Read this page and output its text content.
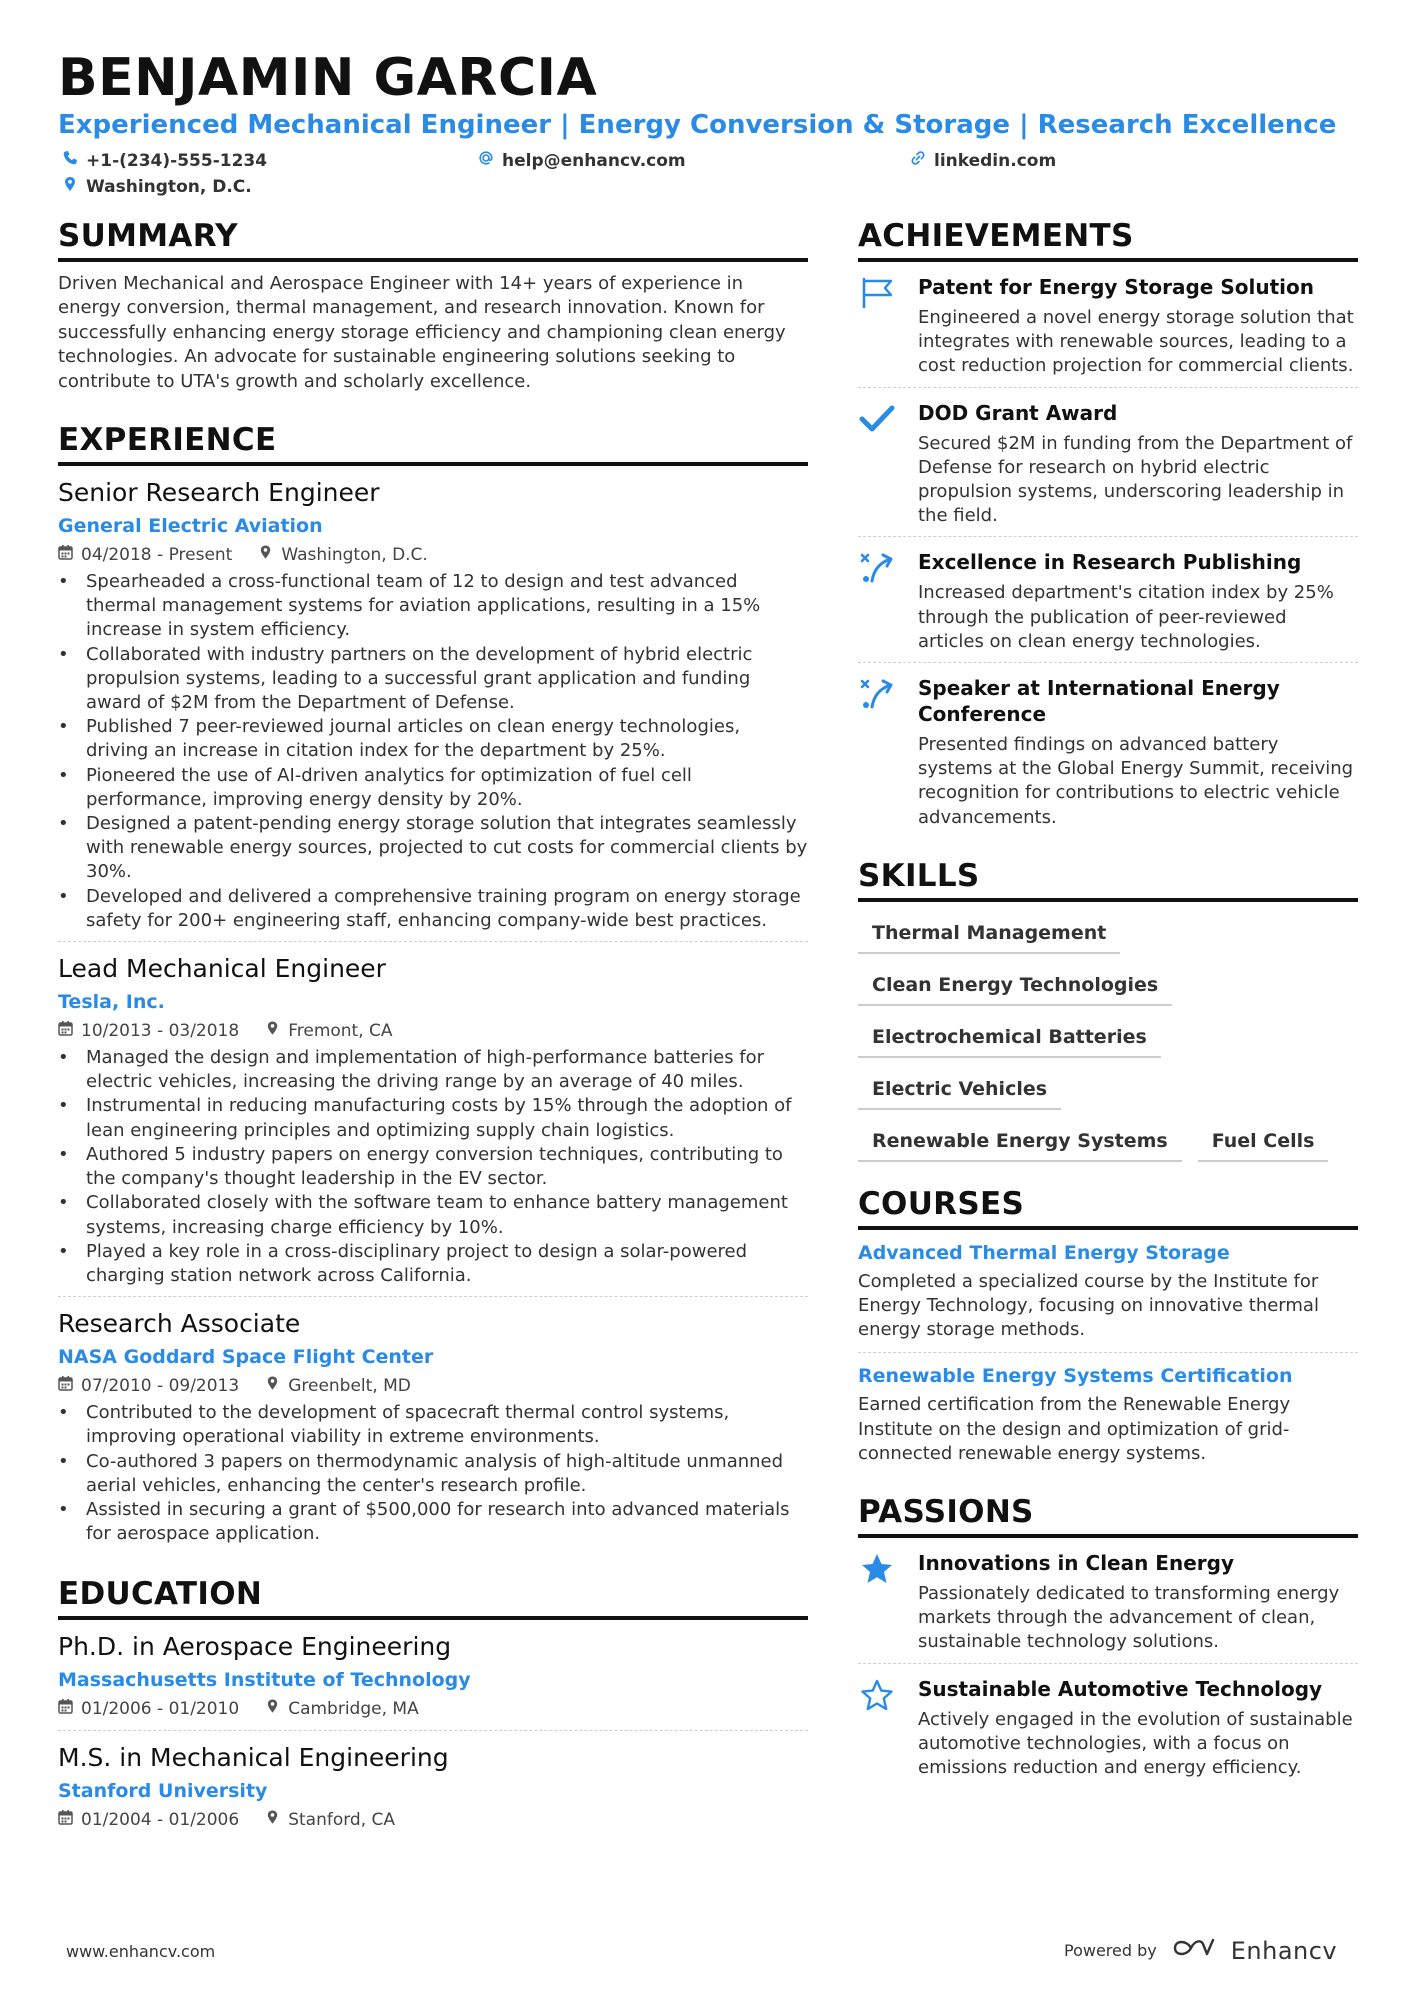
BENJAMIN GARCIA
Experienced Mechanical Engineer | Energy Conversion & Storage | Research Excellence
+1-(234)-555-1234	help@enhancv.com	linkedin.com
Washington, D.C.
SUMMARY
Driven Mechanical and Aerospace Engineer with 14+ years of experience in energy conversion, thermal management, and research innovation. Known for successfully enhancing energy storage efficiency and championing clean energy technologies. An advocate for sustainable engineering solutions seeking to contribute to UTA's growth and scholarly excellence.
EXPERIENCE
Senior Research Engineer
General Electric Aviation
04/2018 - Present	Washington, D.C.
• Spearheaded a cross-functional team of 12 to design and test advanced thermal management systems for aviation applications, resulting in a 15% increase in system efficiency.
• Collaborated with industry partners on the development of hybrid electric propulsion systems, leading to a successful grant application and funding award of $2M from the Department of Defense.
• Published 7 peer-reviewed journal articles on clean energy technologies, driving an increase in citation index for the department by 25%.
• Pioneered the use of AI-driven analytics for optimization of fuel cell performance, improving energy density by 20%.
• Designed a patent-pending energy storage solution that integrates seamlessly with renewable energy sources, projected to cut costs for commercial clients by 30%.
• Developed and delivered a comprehensive training program on energy storage safety for 200+ engineering staff, enhancing company-wide best practices.
Lead Mechanical Engineer
Tesla, Inc.
10/2013 - 03/2018	Fremont, CA
• Managed the design and implementation of high-performance batteries for electric vehicles, increasing the driving range by an average of 40 miles.
• Instrumental in reducing manufacturing costs by 15% through the adoption of lean engineering principles and optimizing supply chain logistics.
• Authored 5 industry papers on energy conversion techniques, contributing to the company's thought leadership in the EV sector.
• Collaborated closely with the software team to enhance battery management systems, increasing charge efficiency by 10%.
• Played a key role in a cross-disciplinary project to design a solar-powered charging station network across California.
Research Associate
NASA Goddard Space Flight Center
07/2010 - 09/2013	Greenbelt, MD
• Contributed to the development of spacecraft thermal control systems, improving operational viability in extreme environments.
• Co-authored 3 papers on thermodynamic analysis of high-altitude unmanned aerial vehicles, enhancing the center's research profile.
• Assisted in securing a grant of $500,000 for research into advanced materials for aerospace application.
EDUCATION
Ph.D. in Aerospace Engineering
Massachusetts Institute of Technology
01/2006 - 01/2010	Cambridge, MA
M.S. in Mechanical Engineering
Stanford University
01/2004 - 01/2006	Stanford, CA
ACHIEVEMENTS
Patent for Energy Storage Solution
Engineered a novel energy storage solution that integrates with renewable sources, leading to a cost reduction projection for commercial clients.
DOD Grant Award
Secured $2M in funding from the Department of Defense for research on hybrid electric propulsion systems, underscoring leadership in the field.
Excellence in Research Publishing
Increased department's citation index by 25% through the publication of peer-reviewed articles on clean energy technologies.
Speaker at International Energy Conference
Presented findings on advanced battery systems at the Global Energy Summit, receiving recognition for contributions to electric vehicle advancements.
SKILLS
Thermal Management
Clean Energy Technologies
Electrochemical Batteries
Electric Vehicles
Renewable Energy Systems	Fuel Cells
COURSES
Advanced Thermal Energy Storage
Completed a specialized course by the Institute for Energy Technology, focusing on innovative thermal energy storage methods.
Renewable Energy Systems Certification
Earned certification from the Renewable Energy Institute on the design and optimization of grid-connected renewable energy systems.
PASSIONS
Innovations in Clean Energy
Passionately dedicated to transforming energy markets through the advancement of clean, sustainable technology solutions.
Sustainable Automotive Technology
Actively engaged in the evolution of sustainable automotive technologies, with a focus on emissions reduction and energy efficiency.
www.enhancv.com	Powered by	Enhancv
